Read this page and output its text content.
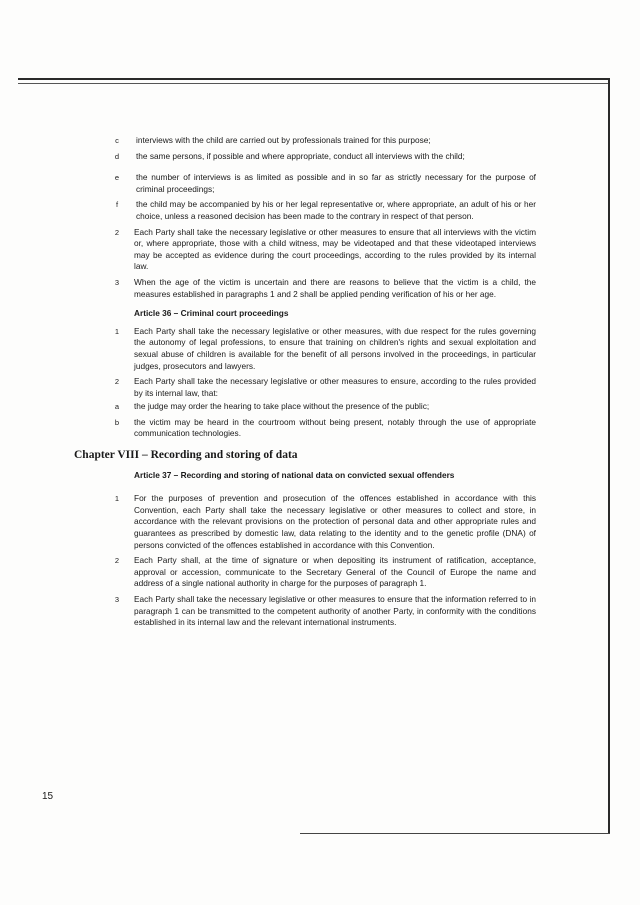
c	interviews with the child are carried out by professionals trained for this purpose;
d	the same persons, if possible and where appropriate, conduct all interviews with the child;
e	the number of interviews is as limited as possible and in so far as strictly necessary for the purpose of criminal proceedings;
f	the child may be accompanied by his or her legal representative or, where appropriate, an adult of his or her choice, unless a reasoned decision has been made to the contrary in respect of that person.
2	Each Party shall take the necessary legislative or other measures to ensure that all interviews with the victim or, where appropriate, those with a child witness, may be videotaped and that these videotaped interviews may be accepted as evidence during the court proceedings, according to the rules provided by its internal law.
3	When the age of the victim is uncertain and there are reasons to believe that the victim is a child, the measures established in paragraphs 1 and 2 shall be applied pending verification of his or her age.
Article 36 – Criminal court proceedings
1	Each Party shall take the necessary legislative or other measures, with due respect for the rules governing the autonomy of legal professions, to ensure that training on children's rights and sexual exploitation and sexual abuse of children is available for the benefit of all persons involved in the proceedings, in particular judges, prosecutors and lawyers.
2	Each Party shall take the necessary legislative or other measures to ensure, according to the rules provided by its internal law, that:
a	the judge may order the hearing to take place without the presence of the public;
b	the victim may be heard in the courtroom without being present, notably through the use of appropriate communication technologies.
Chapter VIII – Recording and storing of data
Article 37 – Recording and storing of national data on convicted sexual offenders
1	For the purposes of prevention and prosecution of the offences established in accordance with this Convention, each Party shall take the necessary legislative or other measures to collect and store, in accordance with the relevant provisions on the protection of personal data and other appropriate rules and guarantees as prescribed by domestic law, data relating to the identity and to the genetic profile (DNA) of persons convicted of the offences established in accordance with this Convention.
2	Each Party shall, at the time of signature or when depositing its instrument of ratification, acceptance, approval or accession, communicate to the Secretary General of the Council of Europe the name and address of a single national authority in charge for the purposes of paragraph 1.
3	Each Party shall take the necessary legislative or other measures to ensure that the information referred to in paragraph 1 can be transmitted to the competent authority of another Party, in conformity with the conditions established in its internal law and the relevant international instruments.
15
